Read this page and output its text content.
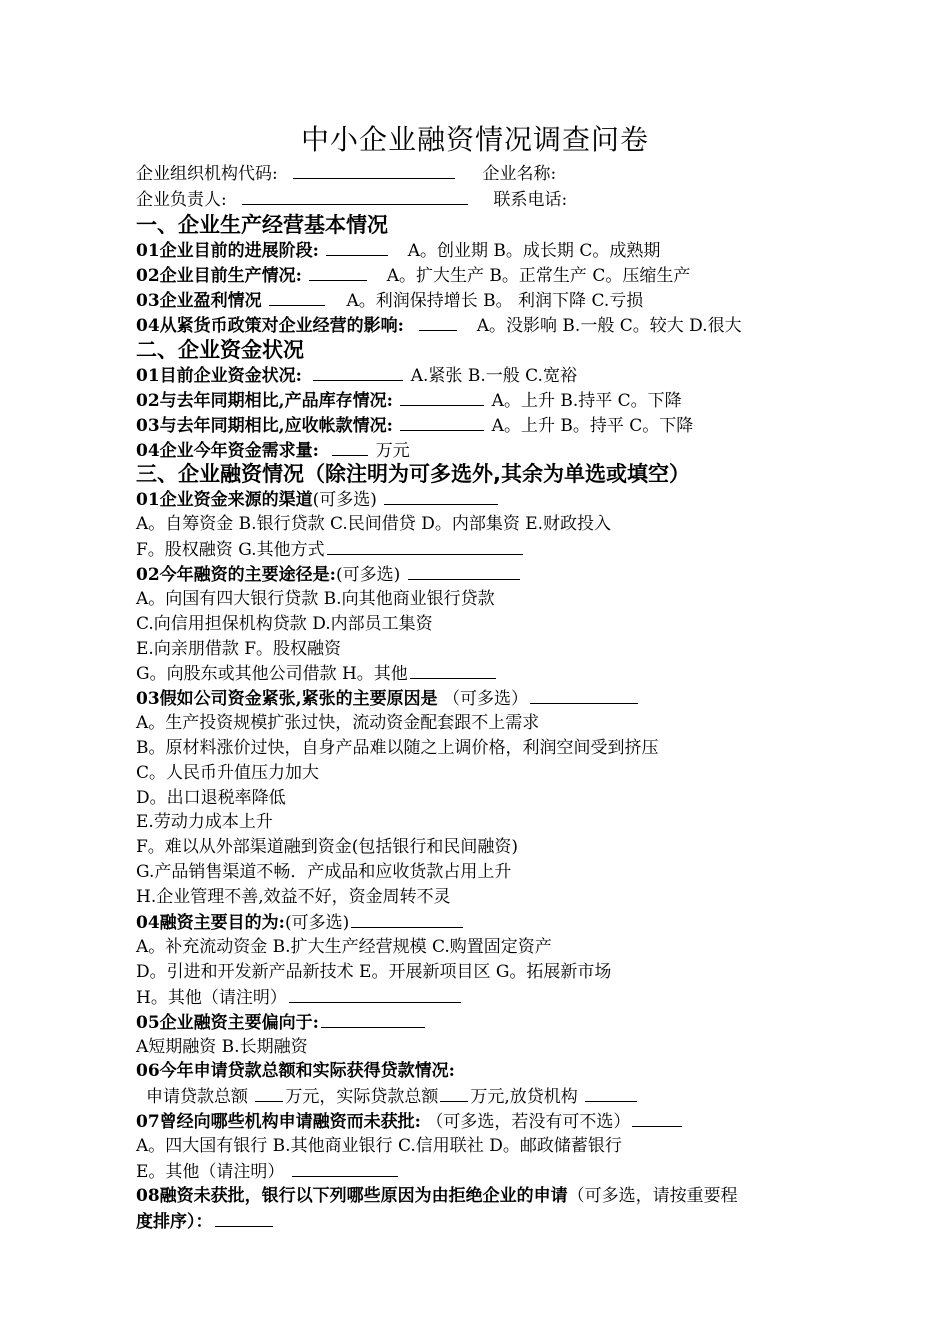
中小企业融资情况调查问卷
企业组织机构代码:	企业名称:
企业负责人:	联系电话:
一、企业生产经营基本情况
01企业目前的进展阶段:	A。创业期 B。成长期 C。成熟期
02企业目前生产情况:	A。扩大生产 B。正常生产 C。压缩生产
03企业盈利情况	A。利润保持增长 B。 利润下降 C.亏损
04从紧货币政策对企业经营的影响:	A。没影响 B.一般 C。较大 D.很大
二、企业资金状况
01目前企业资金状况:	A.紧张 B.一般 C.宽裕
02与去年同期相比,产品库存情况:	A。上升 B.持平 C。下降
03与去年同期相比,应收帐款情况:	A。上升 B。持平 C。下降
04企业今年资金需求量:	万元
三、企业融资情况（除注明为可多选外,其余为单选或填空）
01企业资金来源的渠道(可多选)
A。自筹资金 B.银行贷款 C.民间借贷 D。内部集资 E.财政投入
F。股权融资 G.其他方式
02今年融资的主要途径是:(可多选)
A。向国有四大银行贷款 B.向其他商业银行贷款
C.向信用担保机构贷款 D.内部员工集资
E.向亲朋借款 F。股权融资
G。向股东或其他公司借款 H。其他
03假如公司资金紧张,紧张的主要原因是 （可多选）
A。生产投资规模扩张过快，流动资金配套跟不上需求
B。原材料涨价过快，自身产品难以随之上调价格，利润空间受到挤压
C。人民币升值压力加大
D。出口退税率降低
E.劳动力成本上升
F。难以从外部渠道融到资金(包括银行和民间融资)
G.产品销售渠道不畅．产成品和应收货款占用上升
H.企业管理不善,效益不好，资金周转不灵
04融资主要目的为:(可多选)
A。补充流动资金 B.扩大生产经营规模 C.购置固定资产
D。引进和开发新产品新技术 E。开展新项目区 G。拓展新市场
H。其他（请注明）
05企业融资主要偏向于:
A短期融资 B.长期融资
06今年申请贷款总额和实际获得贷款情况:
申请贷款总额 万元，实际贷款总额 万元,放贷机构
07曾经向哪些机构申请融资而未获批: （可多选，若没有可不选）
A。四大国有银行 B.其他商业银行 C.信用联社 D。邮政储蓄银行
E。其他（请注明）
08融资未获批，银行以下列哪些原因为由拒绝企业的申请（可多选，请按重要程
度排序）：
